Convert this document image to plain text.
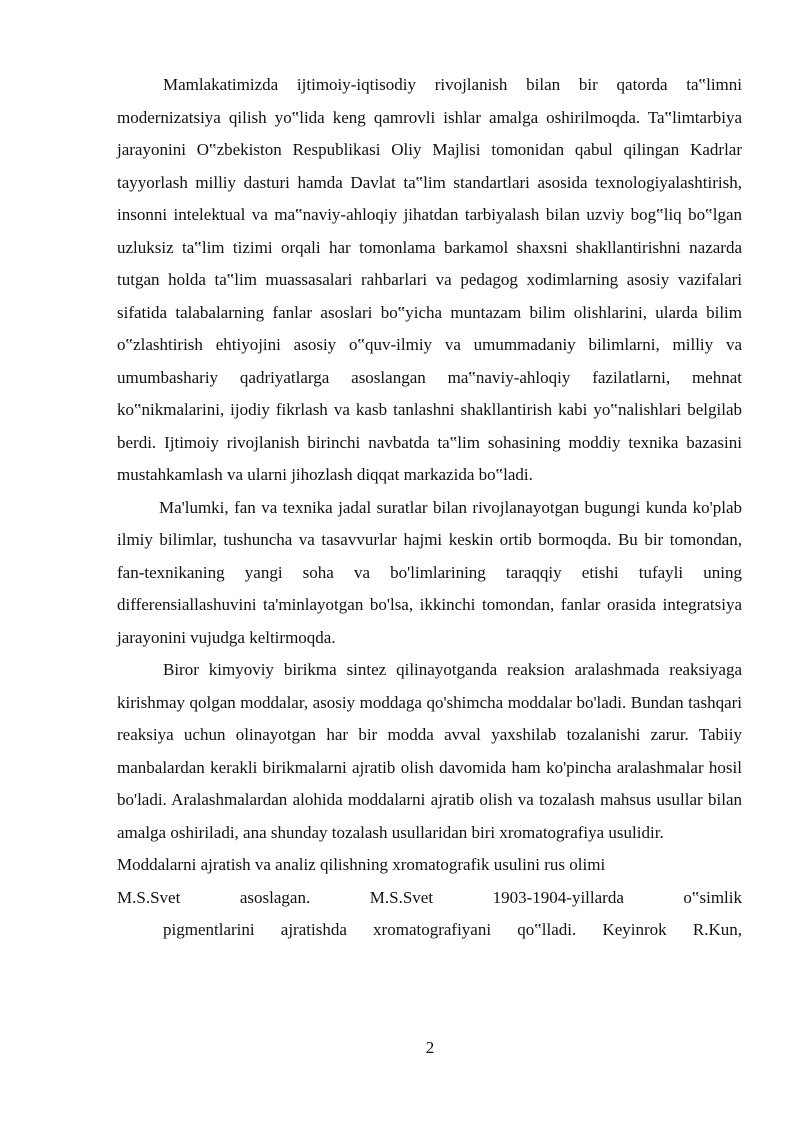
Mamlakatimizda ijtimoiy-iqtisodiy rivojlanish bilan bir qatorda ta‟limni modernizatsiya qilish yo‟lida keng qamrovli ishlar amalga oshirilmoqda. Ta‟limtarbiya jarayonini O‟zbekiston Respublikasi Oliy Majlisi tomonidan qabul qilingan Kadrlar tayyorlash milliy dasturi hamda Davlat ta‟lim standartlari asosida texnologiyalashtirish, insonni intelektual va ma‟naviy-ahloqiy jihatdan tarbiyalash bilan uzviy bog‟liq bo‟lgan uzluksiz ta‟lim tizimi orqali har tomonlama barkamol shaxsni shakllantirishni nazarda tutgan holda ta‟lim muassasalari rahbarlari va pedagog xodimlarning asosiy vazifalari sifatida talabalarning fanlar asoslari bo‟yicha muntazam bilim olishlarini, ularda bilim o‟zlashtirish ehtiyojini asosiy o‟quv-ilmiy va umummadaniy bilimlarni, milliy va umumbashariy qadriyatlarga asoslangan ma‟naviy-ahloqiy fazilatlarni, mehnat ko‟nikmalarini, ijodiy fikrlash va kasb tanlashni shakllantirish kabi yo‟nalishlari belgilab berdi. Ijtimoiy rivojlanish birinchi navbatda ta‟lim sohasining moddiy texnika bazasini mustahkamlash va ularni jihozlash diqqat markazida bo‟ladi.

Ma'lumki, fan va texnika jadal suratlar bilan rivojlanayotgan bugungi kunda ko'plab ilmiy bilimlar, tushuncha va tasavvurlar hajmi keskin ortib bormoqda. Bu bir tomondan, fan-texnikaning yangi soha va bo'limlarining taraqqiy etishi tufayli uning differensiallashuvini ta'minlayotgan bo'lsa, ikkinchi tomondan, fanlar orasida integratsiya jarayonini vujudga keltirmoqda.

Biror kimyoviy birikma sintez qilinayotganda reaksion aralashmada reaksiyaga kirishmay qolgan moddalar, asosiy moddaga qo'shimcha moddalar bo'ladi. Bundan tashqari reaksiya uchun olinayotgan har bir modda avval yaxshilab tozalanishi zarur. Tabiiy manbalardan kerakli birikmalarni ajratib olish davomida ham ko'pincha aralashmalar hosil bo'ladi. Aralashmalardan alohida moddalarni ajratib olish va tozalash mahsus usullar bilan amalga oshiriladi, ana shunday tozalash usullaridan biri xromatografiya usulidir.

Moddalarni ajratish va analiz qilishning xromatografik usulini rus olimi

M.S.Svet asoslagan. M.S.Svet 1903-1904-yillarda o‟simlik

pigmentlarini ajratishda xromatografiyani qo‟lladi. Keyinrok R.Kun,

2
